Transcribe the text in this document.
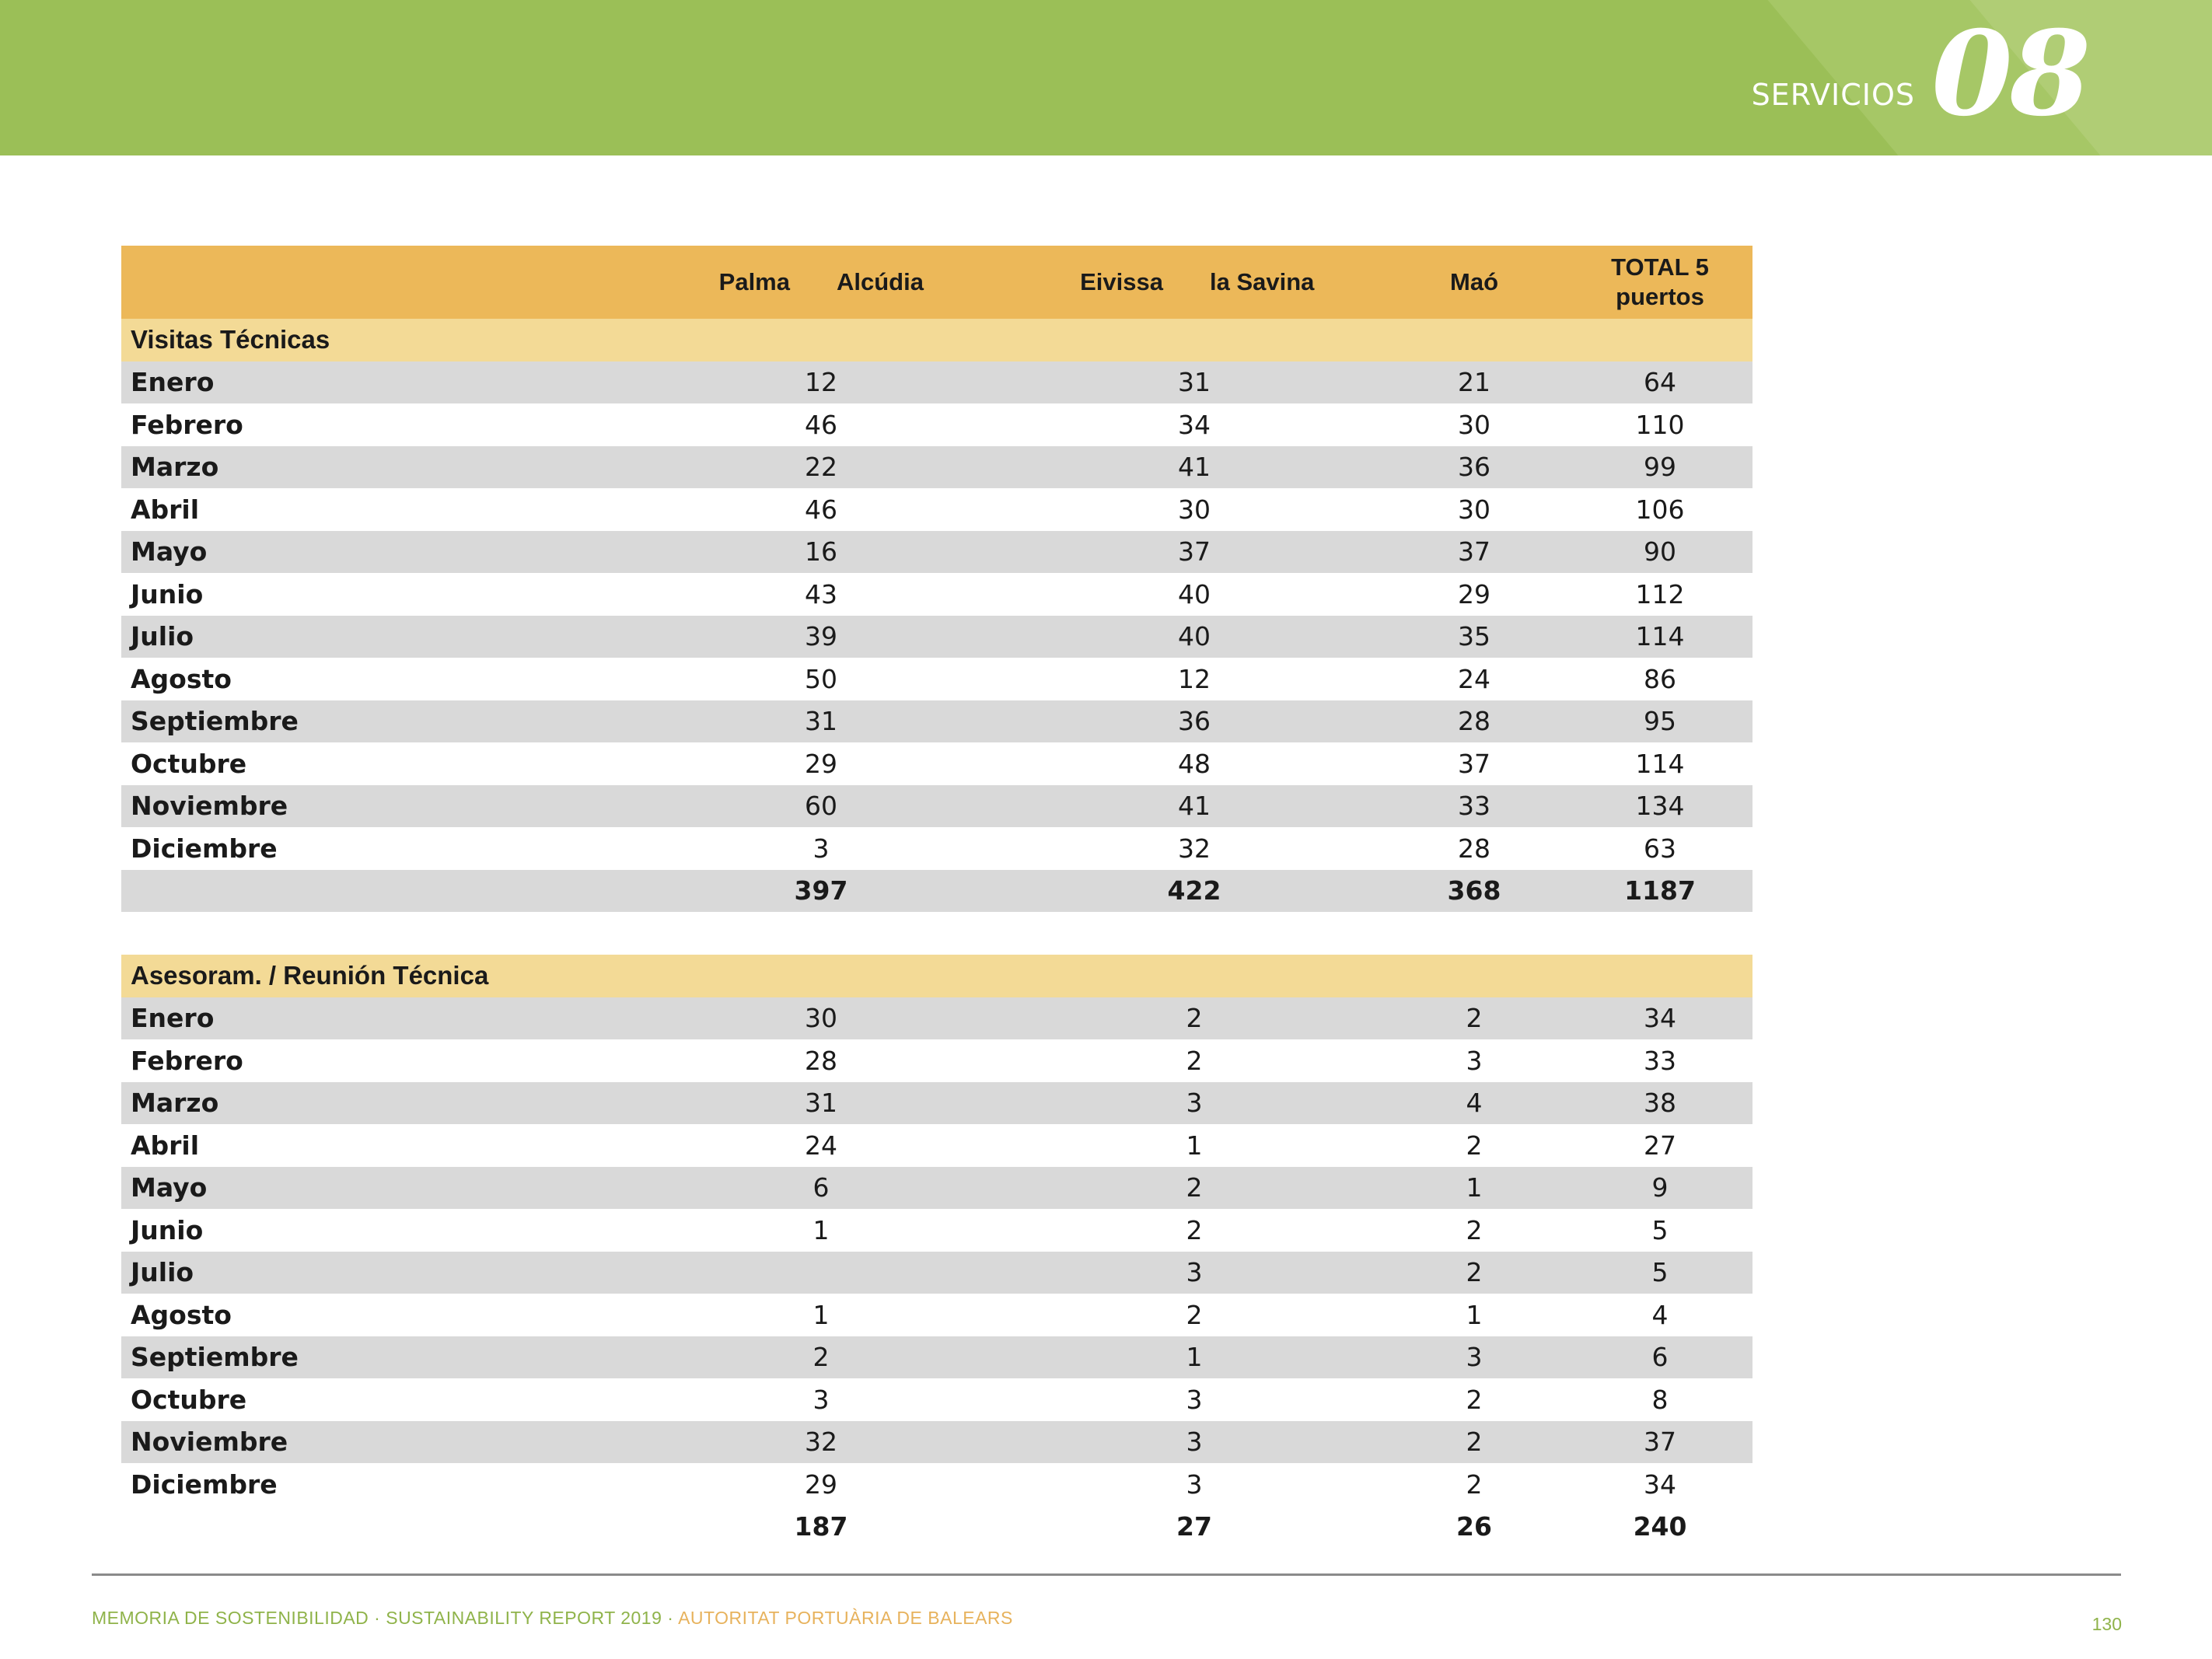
SERVICIOS 08
	Palma	Alcúdia	Eivissa	la Savina	Maó	TOTAL 5 puertos
Visitas Técnicas						
Enero	12		31		21	64
Febrero	46		34		30	110
Marzo	22		41		36	99
Abril	46		30		30	106
Mayo	16		37		37	90
Junio	43		40		29	112
Julio	39		40		35	114
Agosto	50		12		24	86
Septiembre	31		36		28	95
Octubre	29		48		37	114
Noviembre	60		41		33	134
Diciembre	3		32		28	63
	397		422		368	1187
Asesoram. / Reunión Técnica				
Enero	30	2	2	34
Febrero	28	2	3	33
Marzo	31	3	4	38
Abril	24	1	2	27
Mayo	6	2	1	9
Junio	1	2	2	5
Julio		3	2	5
Agosto	1	2	1	4
Septiembre	2	1	3	6
Octubre	3	3	2	8
Noviembre	32	3	2	37
Diciembre	29	3	2	34
	187	27	26	240
MEMORIA DE SOSTENIBILIDAD · SUSTAINABILITY REPORT 2019 · AUTORITAT PORTUÀRIA DE BALEARS	130
